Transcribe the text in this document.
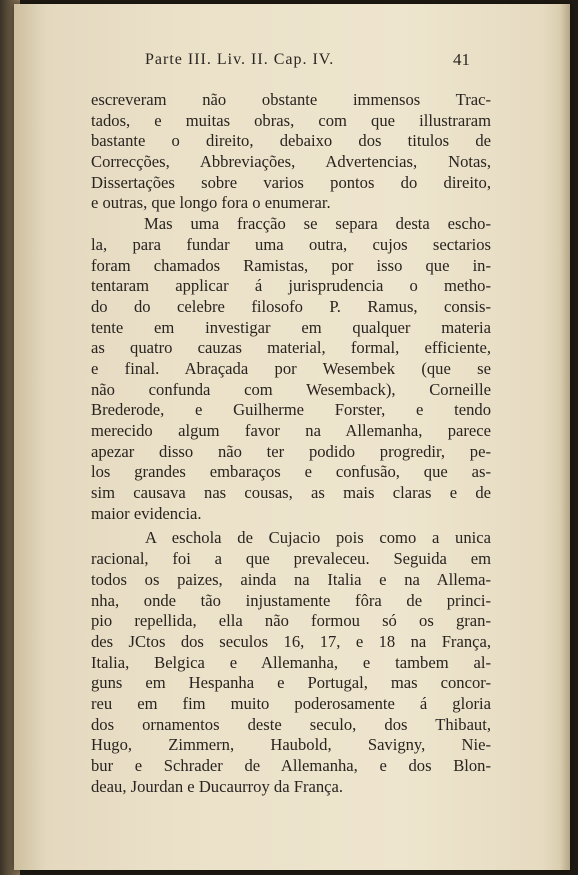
Parte III. Liv. II. Cap. IV.	41
escreveram não obstante immensos Trac-
tados, e muitas obras, com que illustraram
bastante o direito, debaixo dos titulos de
Correcções, Abbreviações, Advertencias, Notas,
Dissertações sobre varios pontos do direito,
e outras, que longo fora o enumerar.
Mas uma fracção se separa desta escho-
la, para fundar uma outra, cujos sectarios
foram chamados Ramistas, por isso que in-
tentaram applicar á jurisprudencia o metho-
do do celebre filosofo P. Ramus, consis-
tente em investigar em qualquer materia
as quatro cauzas material, formal, efficiente,
e final. Abraçada por Wesembek (que se
não confunda com Wesemback), Corneille
Brederode, e Guilherme Forster, e tendo
merecido algum favor na Allemanha, parece
apezar disso não ter podido progredir, pe-
los grandes embaraços e confusão, que as-
sim causava nas cousas, as mais claras e de
maior evidencia.
A eschola de Cujacio pois como a unica
racional, foi a que prevaleceu. Seguida em
todos os paizes, ainda na Italia e na Allema-
nha, onde tão injustamente fôra de princi-
pio repellida, ella não formou só os gran-
des JCtos dos seculos 16, 17, e 18 na França,
Italia, Belgica e Allemanha, e tambem al-
guns em Hespanha e Portugal, mas concor-
reu em fim muito poderosamente á gloria
dos ornamentos deste seculo, dos Thibaut,
Hugo, Zimmern, Haubold, Savigny, Nie-
bur e Schrader de Allemanha, e dos Blon-
deau, Jourdan e Ducaurroy da França.
